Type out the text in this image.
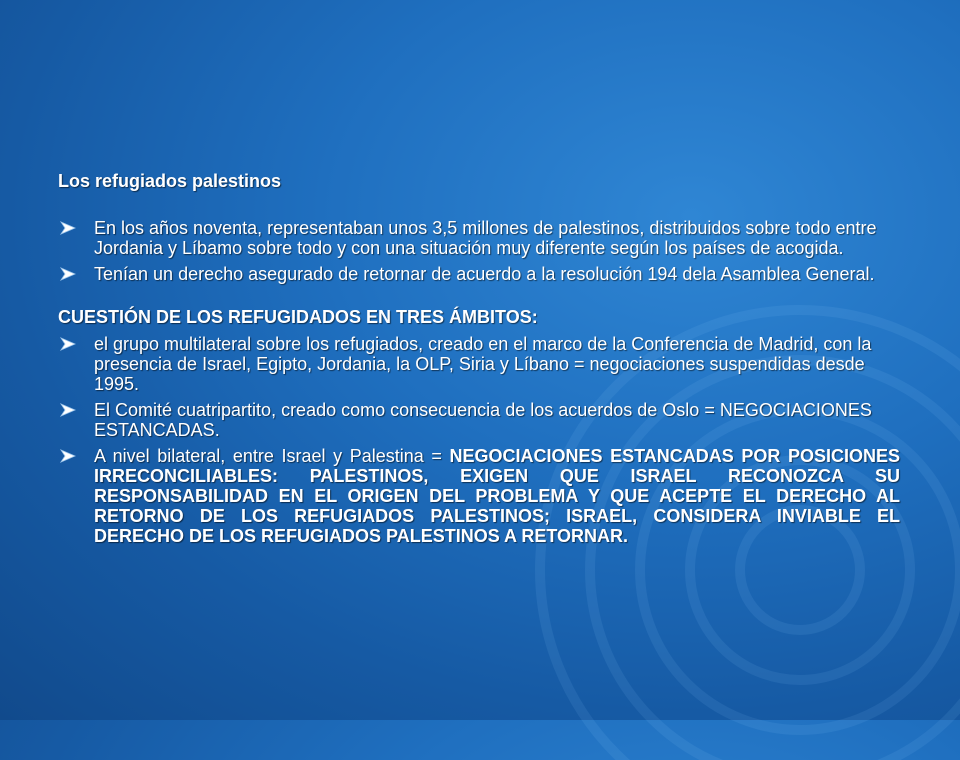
Los refugiados palestinos

En los años noventa, representaban unos 3,5 millones de palestinos, distribuidos sobre todo entre Jordania y Líbamo sobre todo y con una situación muy diferente según los países de acogida.
Tenían un derecho asegurado de retornar de acuerdo a la resolución 194 dela Asamblea General.

CUESTIÓN DE LOS REFUGIDADOS EN TRES ÁMBITOS:

el grupo multilateral sobre los refugiados, creado en el marco de la Conferencia de Madrid, con la presencia de Israel, Egipto, Jordania, la OLP, Siria y Líbano = negociaciones suspendidas desde 1995.
El Comité cuatripartito, creado como consecuencia de los acuerdos de Oslo = NEGOCIACIONES ESTANCADAS.
A nivel bilateral, entre Israel y Palestina = NEGOCIACIONES ESTANCADAS POR POSICIONES IRRECONCILIABLES: PALESTINOS, EXIGEN QUE ISRAEL RECONOZCA SU RESPONSABILIDAD EN EL ORIGEN DEL PROBLEMA Y QUE ACEPTE EL DERECHO AL RETORNO DE LOS REFUGIADOS PALESTINOS; ISRAEL, CONSIDERA INVIABLE EL DERECHO DE LOS REFUGIADOS PALESTINOS A RETORNAR.
